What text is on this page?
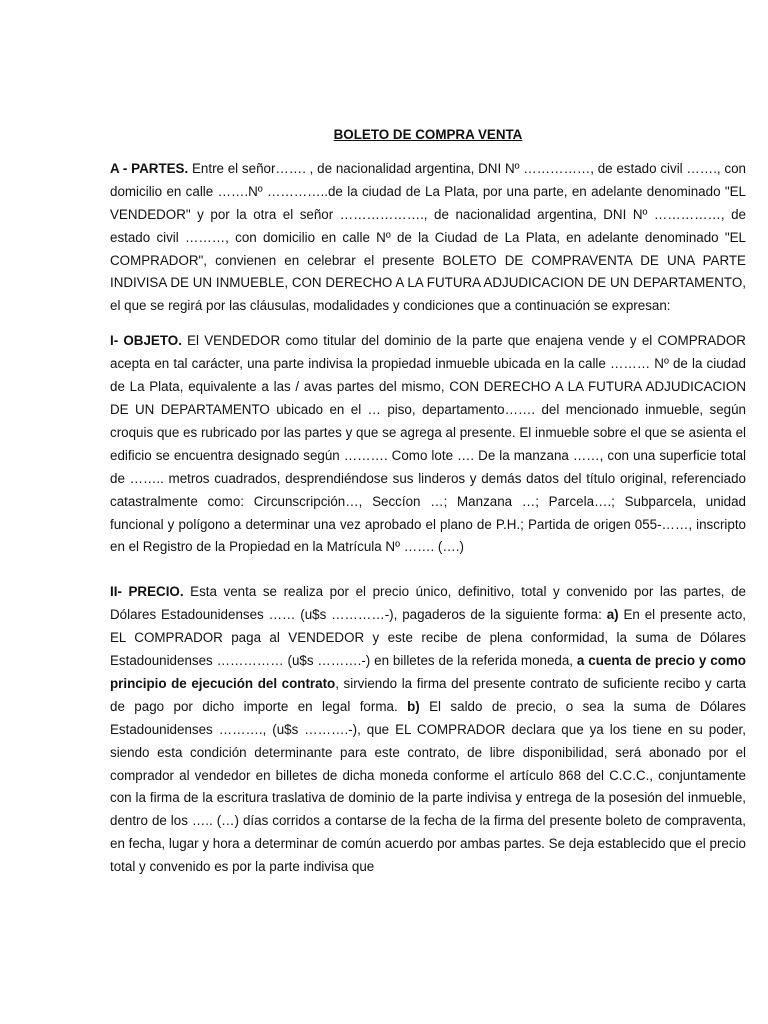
BOLETO DE COMPRA VENTA

A - PARTES. Entre el señor……. , de nacionalidad argentina, DNI Nº ……………, de estado civil ……., con domicilio en calle …….Nº …………..de la ciudad de La Plata, por una parte, en adelante denominado "EL VENDEDOR" y por la otra el señor ………………., de nacionalidad argentina, DNI Nº ……………, de estado civil ………, con domicilio en calle Nº de la Ciudad de La Plata, en adelante denominado "EL COMPRADOR", convienen en celebrar el presente BOLETO DE COMPRAVENTA DE UNA PARTE INDIVISA DE UN INMUEBLE, CON DERECHO A LA FUTURA ADJUDICACION DE UN DEPARTAMENTO, el que se regirá por las cláusulas, modalidades y condiciones que a continuación se expresan:

I- OBJETO. El VENDEDOR como titular del dominio de la parte que enajena vende y el COMPRADOR acepta en tal carácter, una parte indivisa la propiedad inmueble ubicada en la calle ……… Nº de la ciudad de La Plata, equivalente a las / avas partes del mismo, CON DERECHO A LA FUTURA ADJUDICACION DE UN DEPARTAMENTO ubicado en el … piso, departamento……. del mencionado inmueble, según croquis que es rubricado por las partes y que se agrega al presente. El inmueble sobre el que se asienta el edificio se encuentra designado según ………. Como lote …. De la manzana ……, con una superficie total de …….. metros cuadrados, desprendiéndose sus linderos y demás datos del título original, referenciado catastralmente como: Circunscripción…, Seccíon …; Manzana …; Parcela….; Subparcela, unidad funcional y polígono a determinar una vez aprobado el plano de P.H.; Partida de origen 055-……, inscripto en el Registro de la Propiedad en la Matrícula Nº ……. (….)

II- PRECIO. Esta venta se realiza por el precio único, definitivo, total y convenido por las partes, de Dólares Estadounidenses …… (u$s …………-), pagaderos de la siguiente forma: a) En el presente acto, EL COMPRADOR paga al VENDEDOR y este recibe de plena conformidad, la suma de Dólares Estadounidenses …………… (u$s ……….-) en billetes de la referida moneda, a cuenta de precio y como principio de ejecución del contrato, sirviendo la firma del presente contrato de suficiente recibo y carta de pago por dicho importe en legal forma. b) El saldo de precio, o sea la suma de Dólares Estadounidenses ………., (u$s ……….-), que EL COMPRADOR declara que ya los tiene en su poder, siendo esta condición determinante para este contrato, de libre disponibilidad, será abonado por el comprador al vendedor en billetes de dicha moneda conforme el artículo 868 del C.C.C., conjuntamente con la firma de la escritura traslativa de dominio de la parte indivisa y entrega de la posesión del inmueble, dentro de los ….. (…) días corridos a contarse de la fecha de la firma del presente boleto de compraventa, en fecha, lugar y hora a determinar de común acuerdo por ambas partes. Se deja establecido que el precio total y convenido es por la parte indivisa que
